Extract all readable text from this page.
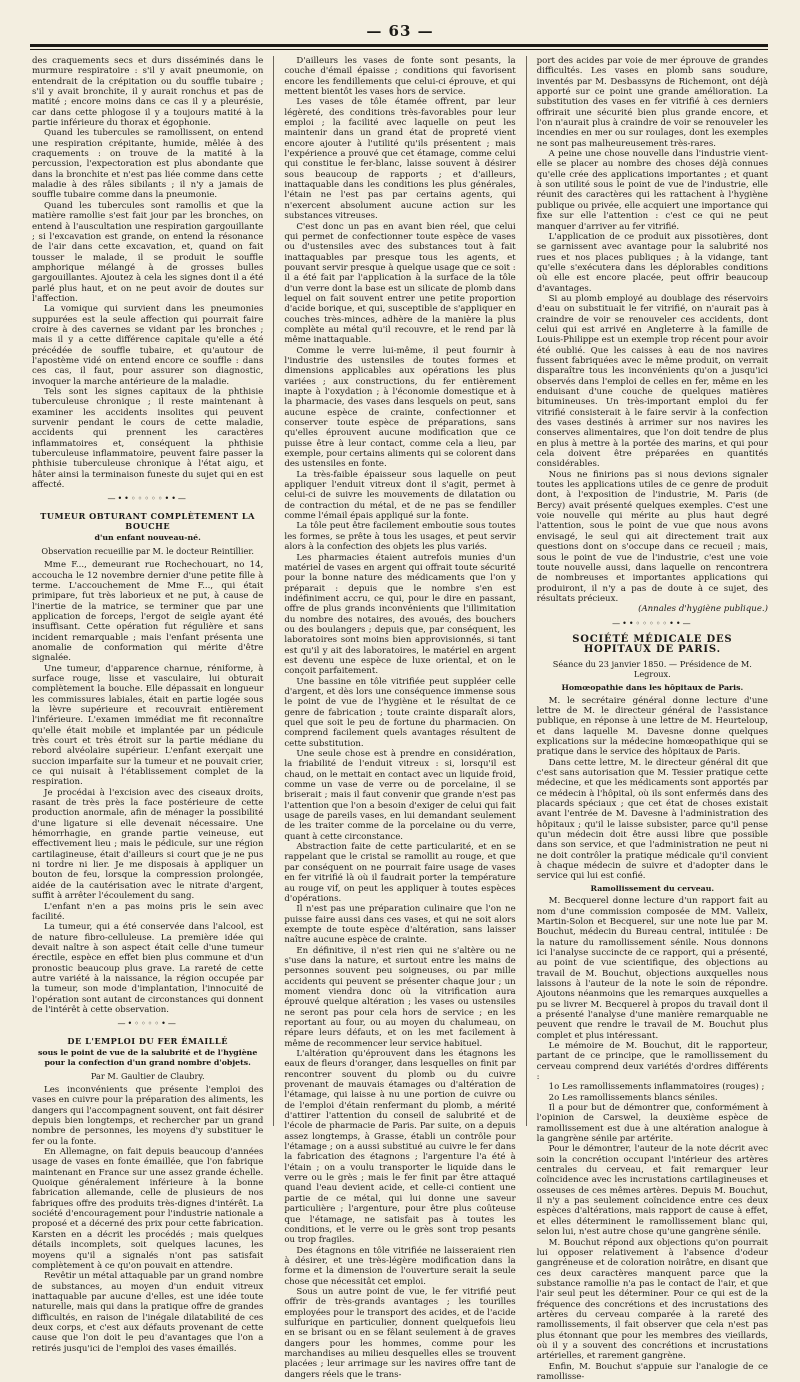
— 63 —

des craquements secs et durs disséminés dans le murmure respiratoire : s'il y avait pneumonie, on entendrait de la crépitation ou du souffle tubaire ; s'il y avait bronchite, il y aurait ronchus et pas de matité ; encore moins dans ce cas il y a pleurésie, car dans cette phlogose il y a toujours matité à la partie inférieure du thorax et égophonie.

Quand les tubercules se ramollissent, on entend une respiration crépitante, humide, mêlée à des craquements : on trouve de la matité à la percussion, l'expectoration est plus abondante que dans la bronchite et n'est pas liée comme dans cette maladie à des râles sibilants ; il n'y a jamais de souffle tubaire comme dans la pneumonie.

Quand les tubercules sont ramollis et que la matière ramollie s'est fait jour par les bronches, on entend à l'auscultation une respiration gargouillante ; si l'excavation est grande, on entend la résonance de l'air dans cette excavation, et, quand on fait tousser le malade, il se produit le souffle amphorique mélangé à de grosses bulles gargouillantes. Ajoutez à cela les signes dont il a été parlé plus haut, et on ne peut avoir de doutes sur l'affection.

La vomique qui survient dans les pneumonies suppurées est la seule affection qui pourrait faire croire à des cavernes se vidant par les bronches ; mais il y a cette différence capitale qu'elle a été précédée de souffle tubaire, et qu'autour de l'apostème vidé on entend encore ce souffle : dans ces cas, il faut, pour assurer son diagnostic, invoquer la marche antérieure de la maladie.

Tels sont les signes capitaux de la phthisie tuberculeuse chronique ; il reste maintenant à examiner les accidents insolites qui peuvent survenir pendant le cours de cette maladie, accidents qui prennent les caractères inflammatoires et, conséquent la phthisie tuberculeuse inflammatoire, peuvent faire passer la phthisie tuberculeuse chronique à l'état aigu, et hâter ainsi la terminaison funeste du sujet qui en est affecté.

—••◦◦◦◦◦••—

TUMEUR OBTURANT COMPLÈTEMENT LA BOUCHE

d'un enfant nouveau-né.

Observation recueillie par M. le docteur Reintillier.

Mme F..., demeurant rue Rochechouart, no 14, accoucha le 12 novembre dernier d'une petite fille à terme. L'accouchement de Mme F..., qui était primipare, fut très laborieux et ne put, à cause de l'inertie de la matrice, se terminer que par une application de forceps, l'ergot de seigle ayant été insuffisant. Cette opération fut régulière et sans incident remarquable ; mais l'enfant présenta une anomalie de conformation qui mérite d'être signalée.

Une tumeur, d'apparence charnue, réniforme, à surface rouge, lisse et vasculaire, lui obturait complètement la bouche. Elle dépassait en longueur les commissures labiales, était en partie logée sous la lèvre supérieure et recouvrait entièrement l'inférieure. L'examen immédiat me fit reconnaître qu'elle était mobile et implantée par un pédicule très court et très étroit sur la partie médiane du rebord alvéolaire supérieur. L'enfant exerçait une succion imparfaite sur la tumeur et ne pouvait crier, ce qui nuisait à l'établissement complet de la respiration.

Je procédai à l'excision avec des ciseaux droits, rasant de très près la face postérieure de cette production anormale, afin de ménager la possibilité d'une ligature si elle devenait nécessaire. Une hémorrhagie, en grande partie veineuse, eut effectivement lieu ; mais le pédicule, sur une région cartilagineuse, était d'ailleurs si court que je ne pus ni tordre ni lier. Je me disposais à appliquer un bouton de feu, lorsque la compression prolongée, aidée de la cautérisation avec le nitrate d'argent, suffit à arrêter l'écoulement du sang.

L'enfant n'en a pas moins pris le sein avec facilité.

La tumeur, qui a été conservée dans l'alcool, est de nature fibro-celluleuse. La première idée qui devait naître à son aspect était celle d'une tumeur érectile, espèce en effet bien plus commune et d'un pronostic beaucoup plus grave. La rareté de cette autre variété à la naissance, la région occupée par la tumeur, son mode d'implantation, l'innocuité de l'opération sont autant de circonstances qui donnent de l'intérêt à cette observation.

—•◦◦◦◦•—

DE L'EMPLOI DU FER ÉMAILLÉ

sous le point de vue de la salubrité et de l'hygiène pour la confection d'un grand nombre d'objets.

Par M. Gaultier de Claubry.

Les inconvénients que présente l'emploi des vases en cuivre pour la préparation des aliments, les dangers qui l'accompagnent souvent, ont fait désirer depuis bien longtemps, et rechercher par un grand nombre de personnes, les moyens d'y substituer le fer ou la fonte.

En Allemagne, on fait depuis beaucoup d'années usage de vases en fonte émaillée, que l'on fabrique maintenant en France sur une assez grande échelle. Quoique généralement inférieure à la bonne fabrication allemande, celle de plusieurs de nos fabriques offre des produits très-dignes d'intérêt. La société d'encouragement pour l'industrie nationale a proposé et a décerné des prix pour cette fabrication. Karsten en a décrit les procédés ; mais quelques détails incomplets, soit quelques lacunes, les moyens qu'il a signalés n'ont pas satisfait complètement à ce qu'on pouvait en attendre.

Revêtir un métal attaquable par un grand nombre de substances, au moyen d'un enduit vitreux inattaquable par aucune d'elles, est une idée toute naturelle, mais qui dans la pratique offre de grandes difficultés, en raison de l'inégale dilatabilité de ces deux corps, et c'est aux défauts provenant de cette cause que l'on doit le peu d'avantages que l'on a retirés jusqu'ici de l'emploi des vases émaillés.

D'ailleurs les vases de fonte sont pesants, la couche d'émail épaisse ; conditions qui favorisent encore les fendillements que celui-ci éprouve, et qui mettent bientôt les vases hors de service.

Les vases de tôle étamée offrent, par leur légèreté, des conditions très-favorables pour leur emploi ; la facilité avec laquelle on peut les maintenir dans un grand état de propreté vient encore ajouter à l'utilité qu'ils présentent ; mais l'expérience a prouvé que cet étamage, comme celui qui constitue le fer-blanc, laisse souvent à désirer sous beaucoup de rapports ; et d'ailleurs, inattaquable dans les conditions les plus générales, l'étain ne l'est pas par certains agents, qui n'exercent absolument aucune action sur les substances vitreuses.

C'est donc un pas en avant bien réel, que celui qui permet de confectionner toute espèce de vases ou d'ustensiles avec des substances tout à fait inattaquables par presque tous les agents, et pouvant servir presque à quelque usage que ce soit : il a été fait par l'application à la surface de la tôle d'un verre dont la base est un silicate de plomb dans lequel on fait souvent entrer une petite proportion d'acide borique, et qui, susceptible de s'appliquer en couches très-minces, adhère de la manière la plus complète au métal qu'il recouvre, et le rend par là même inattaquable.

Comme le verre lui-même, il peut fournir à l'industrie des ustensiles de toutes formes et dimensions applicables aux opérations les plus variées ; aux constructions, du fer entièrement inapte à l'oxydation ; à l'économie domestique et à la pharmacie, des vases dans lesquels on peut, sans aucune espèce de crainte, confectionner et conserver toute espèce de préparations, sans qu'elles éprouvent aucune modification que ce puisse être à leur contact, comme cela a lieu, par exemple, pour certains aliments qui se colorent dans des ustensiles en fonte.

La très-faible épaisseur sous laquelle on peut appliquer l'enduit vitreux dont il s'agit, permet à celui-ci de suivre les mouvements de dilatation ou de contraction du métal, et de ne pas se fendiller comme l'émail épais appliqué sur la fonte.

La tôle peut être facilement emboutie sous toutes les formes, se prête à tous les usages, et peut servir alors à la confection des objets les plus variés.

Les pharmacies étaient autrefois munies d'un matériel de vases en argent qui offrait toute sécurité pour la bonne nature des médicaments que l'on y préparait : depuis que le nombre s'en est indéfiniment accru, ce qui, pour le dire en passant, offre de plus grands inconvénients que l'illimitation du nombre des notaires, des avoués, des bouchers ou des boulangers ; depuis que, par conséquent, les laboratoires sont moins bien approvisionnés, si tant est qu'il y ait des laboratoires, le matériel en argent est devenu une espèce de luxe oriental, et on le conçoit parfaitement.

Une bassine en tôle vitrifiée peut suppléer celle d'argent, et dès lors une conséquence immense sous le point de vue de l'hygiène et le résultat de ce genre de fabrication ; toute crainte disparaît alors, quel que soit le peu de fortune du pharmacien. On comprend facilement quels avantages résultent de cette substitution.

Une seule chose est à prendre en considération, la friabilité de l'enduit vitreux : si, lorsqu'il est chaud, on le mettait en contact avec un liquide froid, comme un vase de verre ou de porcelaine, il se briserait ; mais il faut convenir que grande n'est pas l'attention que l'on a besoin d'exiger de celui qui fait usage de pareils vases, en lui demandant seulement de les traiter comme de la porcelaine ou du verre, quant à cette circonstance.

Abstraction faite de cette particularité, et en se rappelant que le cristal se ramollit au rouge, et que par conséquent on ne pourrait faire usage de vases en fer vitrifié là où il faudrait porter la température au rouge vif, on peut les appliquer à toutes espèces d'opérations.

Il n'est pas une préparation culinaire que l'on ne puisse faire aussi dans ces vases, et qui ne soit alors exempte de toute espèce d'altération, sans laisser naître aucune espèce de crainte.

En définitive, il n'est rien qui ne s'altère ou ne s'use dans la nature, et surtout entre les mains de personnes souvent peu soigneuses, ou par mille accidents qui peuvent se présenter chaque jour ; un moment viendra donc où la vitrification aura éprouvé quelque altération ; les vases ou ustensiles ne seront pas pour cela hors de service ; en les reportant au four, ou au moyen du chalumeau, on répare leurs défauts, et on les met facilement à même de recommencer leur service habituel.

L'altération qu'éprouvent dans les étagnons les eaux de fleurs d'oranger, dans lesquelles on finit par rencontrer souvent du plomb ou du cuivre provenant de mauvais étamages ou d'altération de l'étamage, qui laisse à nu une portion de cuivre ou de l'emploi d'étain renfermant du plomb, a mérité d'attirer l'attention du conseil de salubrité et de l'école de pharmacie de Paris. Par suite, on a depuis assez longtemps, à Grasse, établi un contrôle pour l'étamage ; on a aussi substitué au cuivre le fer dans la fabrication des étagnons ; l'argenture l'a été à l'étain ; on a voulu transporter le liquide dans le verre ou le grès ; mais le fer finit par être attaqué quand l'eau devient acide, et celle-ci contient une partie de ce métal, qui lui donne une saveur particulière ; l'argenture, pour être plus coûteuse que l'étamage, ne satisfait pas à toutes les conditions, et le verre ou le grès sont trop pesants ou trop fragiles.

Des étagnons en tôle vitrifiée ne laisseraient rien à désirer, et une très-légère modification dans la forme et la dimension de l'ouverture serait la seule chose que nécessitât cet emploi.

Sous un autre point de vue, le fer vitrifié peut offrir de très-grands avantages ; les tourilles employées pour le transport des acides, et de l'acide sulfurique en particulier, donnent quelquefois lieu en se brisant ou en se fêlant seulement à de graves dangers pour les hommes, comme pour les marchandises au milieu desquelles elles se trouvent placées ; leur arrimage sur les navires offre tant de dangers réels que le trans-

port des acides par voie de mer éprouve de grandes difficultés. Les vases en plomb sans soudure, inventés par M. Desbassyns de Richemont, ont déjà apporté sur ce point une grande amélioration. La substitution des vases en fer vitrifié à ces derniers offrirait une sécurité bien plus grande encore, et l'on n'aurait plus à craindre de voir se renouveler les incendies en mer ou sur roulages, dont les exemples ne sont pas malheureusement très-rares.

A peine une chose nouvelle dans l'industrie vient-elle se placer au nombre des choses déjà connues qu'elle crée des applications importantes ; et quant à son utilité sous le point de vue de l'industrie, elle réunit des caractères qui les rattachent à l'hygiène publique ou privée, elle acquiert une importance qui fixe sur elle l'attention : c'est ce qui ne peut manquer d'arriver au fer vitrifié.

L'application de ce produit aux pissotières, dont se garnissent avec avantage pour la salubrité nos rues et nos places publiques ; à la vidange, tant qu'elle s'exécutera dans les déplorables conditions où elle est encore placée, peut offrir beaucoup d'avantages.

Si au plomb employé au doublage des réservoirs d'eau on substituait le fer vitrifié, on n'aurait pas à craindre de voir se renouveler ces accidents, dont celui qui est arrivé en Angleterre à la famille de Louis-Philippe est un exemple trop récent pour avoir été oublié. Que les caisses à eau de nos navires fussent fabriquées avec le même produit, on verrait disparaître tous les inconvénients qu'on a jusqu'ici observés dans l'emploi de celles en fer, même en les enduisant d'une couche de quelques matières bitumineuses. Un très-important emploi du fer vitrifié consisterait à le faire servir à la confection des vases destinés à arrimer sur nos navires les conserves alimentaires, que l'on doit tendre de plus en plus à mettre à la portée des marins, et qui pour cela doivent être préparées en quantités considérables.

Nous ne finirions pas si nous devions signaler toutes les applications utiles de ce genre de produit dont, à l'exposition de l'industrie, M. Paris (de Bercy) avait présenté quelques exemples. C'est une voie nouvelle qui mérite au plus haut degré l'attention, sous le point de vue que nous avons envisagé, le seul qui ait directement trait aux questions dont on s'occupe dans ce recueil ; mais, sous le point de vue de l'industrie, c'est une voie toute nouvelle aussi, dans laquelle on rencontrera de nombreuses et importantes applications qui produiront, il n'y a pas de doute à ce sujet, des résultats précieux.

(Annales d'hygiène publique.)

—••◦◦◦◦◦••—

SOCIÉTÉ MÉDICALE DES HOPITAUX DE PARIS.

Séance du 23 janvier 1850. — Présidence de M. Legroux.

Homœopathie dans les hôpitaux de Paris.

M. le secrétaire général donne lecture d'une lettre de M. le directeur général de l'assistance publique, en réponse à une lettre de M. Heurteloup, et dans laquelle M. Davesne donne quelques explications sur la médecine homœopathique qui se pratique dans le service des hôpitaux de Paris.

Dans cette lettre, M. le directeur général dit que c'est sans autorisation que M. Tessier pratique cette médecine, et que les médicaments sont apportés par ce médecin à l'hôpital, où ils sont enfermés dans des placards spéciaux ; que cet état de choses existait avant l'entrée de M. Davesne à l'administration des hôpitaux ; qu'il le laisse subsister, parce qu'il pense qu'un médecin doit être aussi libre que possible dans son service, et que l'administration ne peut ni ne doit contrôler la pratique médicale qu'il convient à chaque médecin de suivre et d'adopter dans le service qui lui est confié.

Ramollissement du cerveau.

M. Becquerel donne lecture d'un rapport fait au nom d'une commission composée de MM. Valleix, Martin-Solon et Becquerel, sur une note lue par M. Bouchut, médecin du Bureau central, intitulée : De la nature du ramollissement sénile. Nous donnons ici l'analyse succincte de ce rapport, qui a présenté, au point de vue scientifique, des objections au travail de M. Bouchut, objections auxquelles nous laissons à l'auteur de la note le soin de répondre. Ajoutons néanmoins que les remarques auxquelles a pu se livrer M. Becquerel à propos du travail dont il a présenté l'analyse d'une manière remarquable ne peuvent que rendre le travail de M. Bouchut plus complet et plus intéressant.

Le mémoire de M. Bouchut, dit le rapporteur, partant de ce principe, que le ramollissement du cerveau comprend deux variétés d'ordres différents :

1o Les ramollissements inflammatoires (rouges) ;

2o Les ramollissements blancs séniles.

Il a pour but de démontrer que, conformément à l'opinion de Carswel, la deuxième espèce de ramollissement est due à une altération analogue à la gangrène sénile par artérite.

Pour le démontrer, l'auteur de la note décrit avec soin la concrétion occupant l'intérieur des artères centrales du cerveau, et fait remarquer leur coïncidence avec les incrustations cartilagineuses et osseuses de ces mêmes artères. Depuis M. Bouchut, il n'y a pas seulement coïncidence entre ces deux espèces d'altérations, mais rapport de cause à effet, et elles déterminent le ramollissement blanc qui, selon lui, n'est autre chose qu'une gangrène sénile.

M. Bouchut répond aux objections qu'on pourrait lui opposer relativement à l'absence d'odeur gangréneuse et de coloration noirâtre, en disant que ces deux caractères manquent parce que la substance ramollie n'a pas le contact de l'air, et que l'air seul peut les déterminer. Pour ce qui est de la fréquence des concrétions et des incrustations des artères du cerveau comparée à la rareté des ramollissements, il fait observer que cela n'est pas plus étonnant que pour les membres des vieillards, où il y a souvent des concrétions et incrustations artérielles, et rarement gangrène.

Enfin, M. Bouchut s'appuie sur l'analogie de ce ramollisse-
